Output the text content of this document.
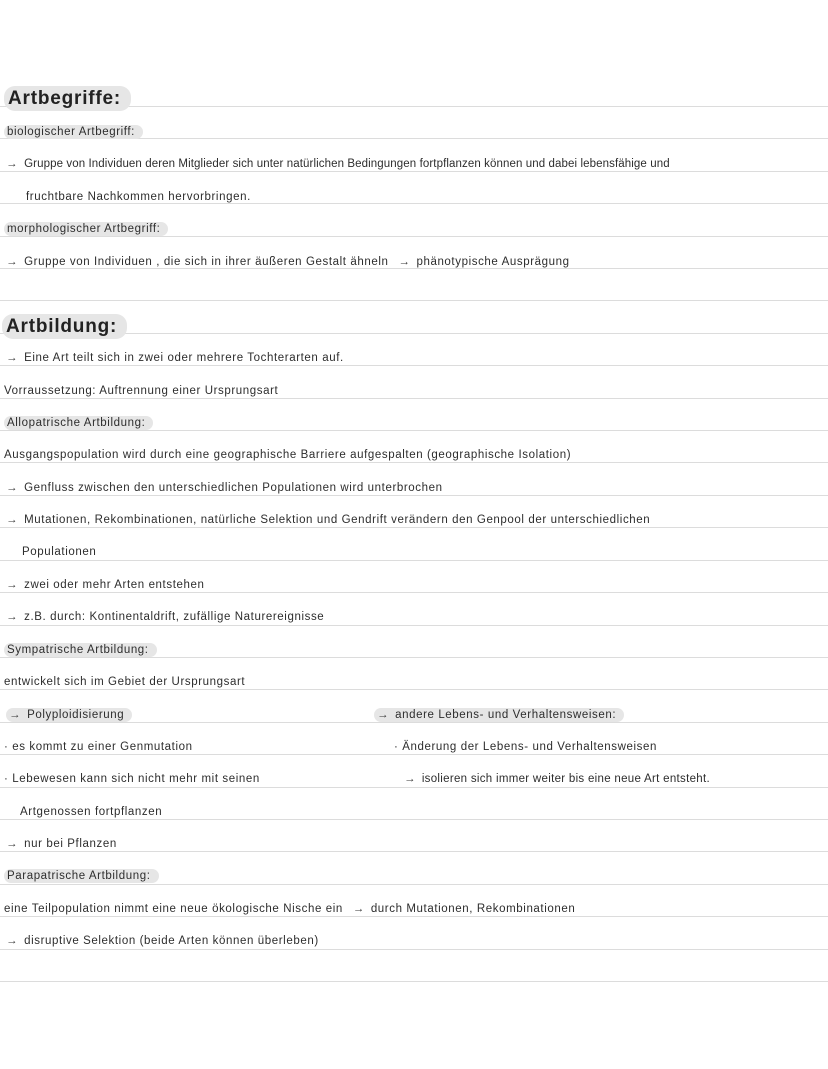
Artbegriffe:
biologischer Artbegriff:
→ Gruppe von Individuen deren Mitglieder sich unter natürlichen Bedingungen fortpflanzen können und dabei lebensfähige und
fruchtbare Nachkommen hervorbringen.
morphologischer Artbegriff:
→ Gruppe von Individuen , die sich in ihrer äußeren Gestalt ähneln → phänotypische Ausprägung
Artbildung:
→ Eine Art teilt sich in zwei oder mehrere Tochterarten auf.
Vorraussetzung: Auftrennung einer Ursprungsart
Allopatrische Artbildung:
Ausgangspopulation wird durch eine geographische Barriere aufgespalten (geographische Isolation)
→ Genfluss zwischen den unterschiedlichen Populationen wird unterbrochen
→ Mutationen, Rekombinationen, natürliche Selektion und Gendrift verändern den Genpool der unterschiedlichen
Populationen
→ zwei oder mehr Arten entstehen
→ z.B. durch: Kontinentaldrift, zufällige Naturereignisse
Sympatrische Artbildung:
entwickelt sich im Gebiet der Ursprungsart
→ Polyploidisierung
· es kommt zu einer Genmutation
· Lebewesen kann sich nicht mehr mit seinen
Artgenossen fortpflanzen
→ nur bei Pflanzen
→ andere Lebens- und Verhaltensweisen:
· Änderung der Lebens- und Verhaltensweisen
→ isolieren sich immer weiter bis eine neue Art entsteht.
Parapatrische Artbildung:
eine Teilpopulation nimmt eine neue ökologische Nische ein → durch Mutationen, Rekombinationen
→ disruptive Selektion (beide Arten können überleben)
